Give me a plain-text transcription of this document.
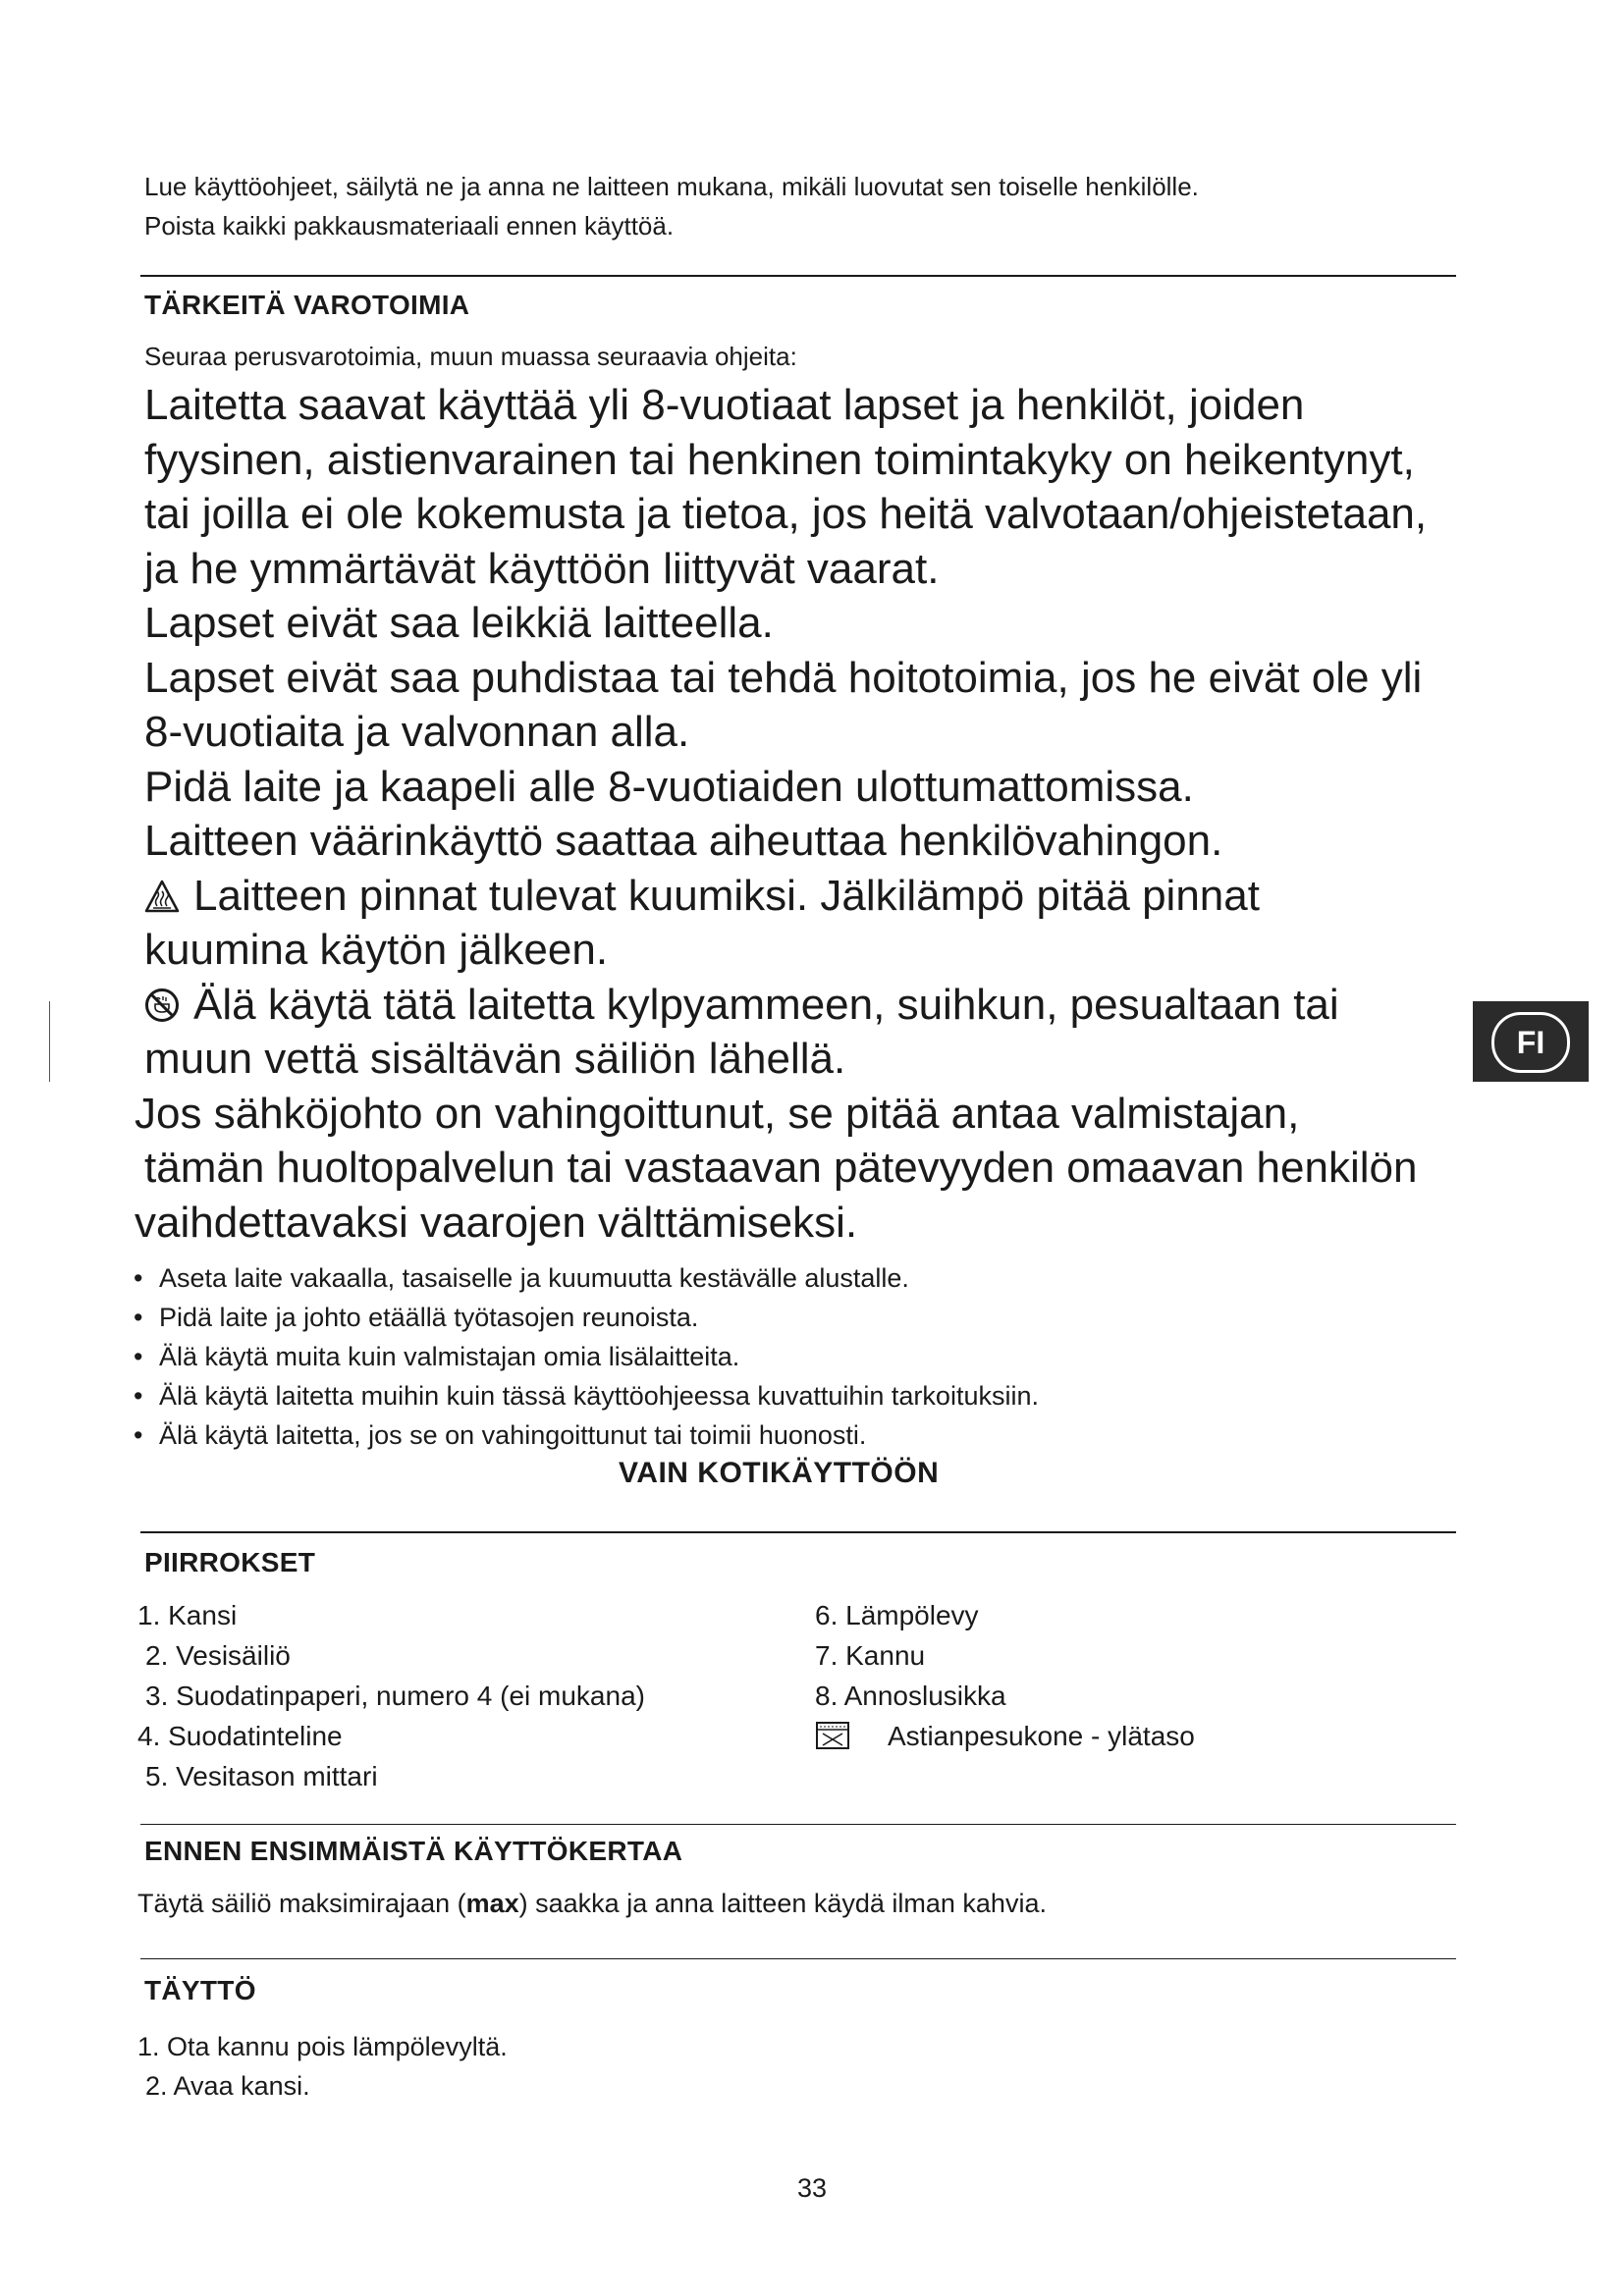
Lue käyttöohjeet, säilytä ne ja anna ne laitteen mukana, mikäli luovutat sen toiselle henkilölle.
Poista kaikki pakkausmateriaali ennen käyttöä.
TÄRKEITÄ VAROTOIMIA
Seuraa perusvarotoimia, muun muassa seuraavia ohjeita:

Laitetta saavat käyttää yli 8-vuotiaat lapset ja henkilöt, joiden

fyysinen, aistienvarainen tai henkinen toimintakyky on heikentynyt,

tai joilla ei ole kokemusta ja tietoa, jos heitä valvotaan/ohjeistetaan,

ja he ymmärtävät käyttöön liittyvät vaarat.

Lapset eivät saa leikkiä laitteella.

Lapset eivät saa puhdistaa tai tehdä hoitotoimia, jos he eivät ole yli

8-vuotiaita ja valvonnan alla.

Pidä laite ja kaapeli alle 8-vuotiaiden ulottumattomissa.

Laitteen väärinkäyttö saattaa aiheuttaa henkilövahingon.

Laitteen pinnat tulevat kuumiksi. Jälkilämpö pitää pinnat

kuumina käytön jälkeen.

Älä käytä tätä laitetta kylpyammeen, suihkun, pesualtaan tai

muun vettä sisältävän säiliön lähellä.

Jos sähköjohto on vahingoittunut, se pitää antaa valmistajan,

tämän huoltopalvelun tai vastaavan pätevyyden omaavan henkilön

vaihdettavaksi vaarojen välttämiseksi.

• Aseta laite vakaalla, tasaiselle ja kuumuutta kestävälle alustalle.
• Pidä laite ja johto etäällä työtasojen reunoista.
• Älä käytä muita kuin valmistajan omia lisälaitteita.
• Älä käytä laitetta muihin kuin tässä käyttöohjeessa kuvattuihin tarkoituksiin.
• Älä käytä laitetta, jos se on vahingoittunut tai toimii huonosti.
VAIN KOTIKÄYTTÖÖN
PIIRROKSET
1. Kansi
2. Vesisäiliö
3. Suodatinpaperi, numero 4 (ei mukana)
4. Suodatinteline
5. Vesitason mittari
6. Lämpölevy
7. Kannu
8. Annoslusikka
Astianpesukone - ylätaso
ENNEN ENSIMMÄISTÄ KÄYTTÖKERTAA
Täytä säiliö maksimirajaan (max) saakka ja anna laitteen käydä ilman kahvia.
TÄYTTÖ
1. Ota kannu pois lämpölevyltä.
2. Avaa kansi.
33
FI
